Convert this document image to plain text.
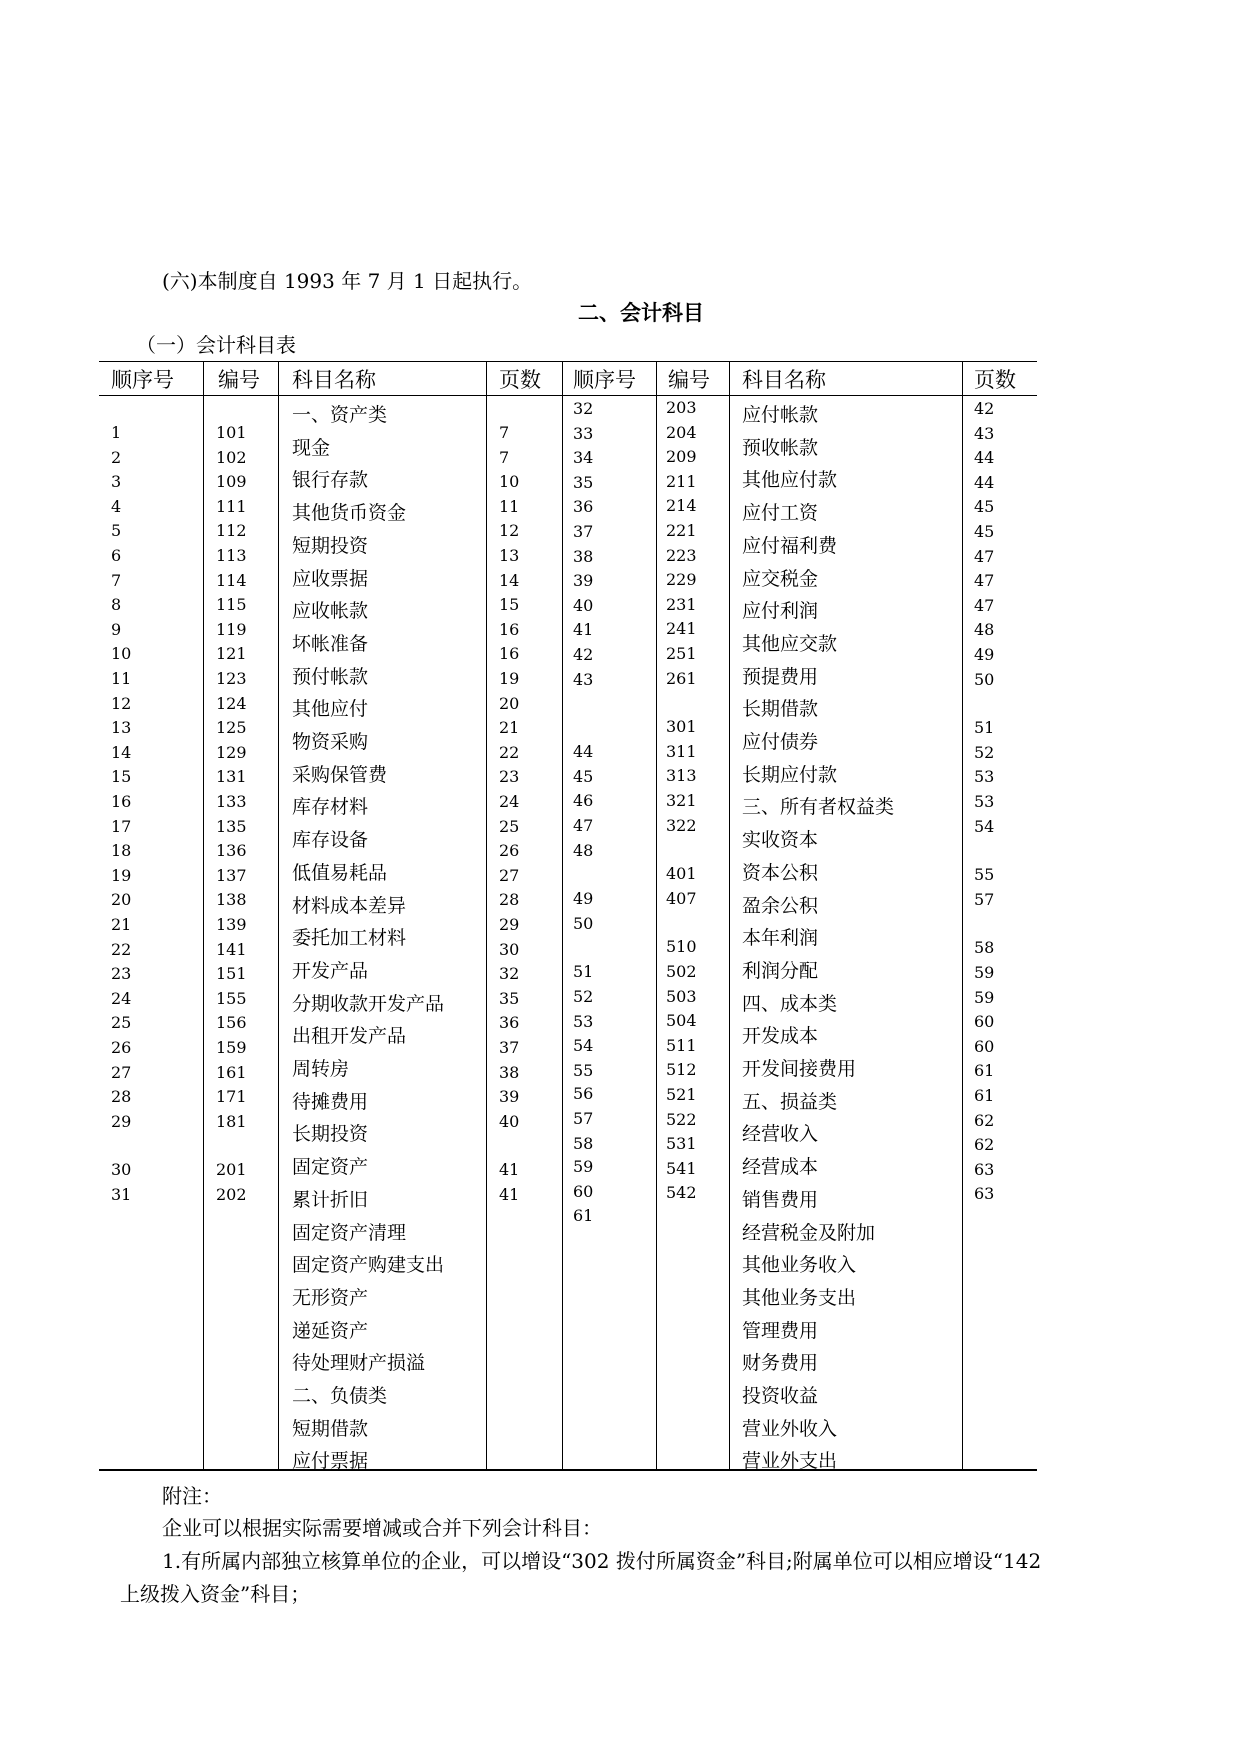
(六)本制度自 1993 年 7 月 1 日起执行。
二、会计科目
（一）会计科目表
顺序号 编号 科目名称	页数 顺序号 编号 科目名称	页数
1
2
3
4
5
6
7
8
9
10
11
12
13
14
15
16
17
18
19
20
21
22
23
24
25
26
27
28
29
30
31
101
102
109
111
112
113
114
115
119
121
123
124
125
129
131
133
135
136
137
138
139
141
151
155
156
159
161
171
181
201
202
一、资产类
现金
银行存款
其他货币资金
短期投资
应收票据
应收帐款
坏帐准备
预付帐款
其他应付
物资采购
采购保管费
库存材料
库存设备
低值易耗品
材料成本差异
委托加工材料
开发产品
分期收款开发产品
出租开发产品
周转房
待摊费用
长期投资
固定资产
累计折旧
固定资产清理
固定资产购建支出
无形资产
递延资产
待处理财产损溢
二、负债类
短期借款
应付票据
7
7
10
11
12
13
14
15
16
16
19
20
21
22
23
24
25
26
27
28
29
30
32
35
36
37
38
39
40
41
41
32
33
34
35
36
37
38
39
40
41
42
43
44
45
46
47
48
49
50
51
52
53
54
55
56
57
58
59
60
61
203
204
209
211
214
221
223
229
231
241
251
261
301
311
313
321
322
401
407
510
502
503
504
511
512
521
522
531
541
542
应付帐款
预收帐款
其他应付款
应付工资
应付福利费
应交税金
应付利润
其他应交款
预提费用
长期借款
应付债券
长期应付款
三、所有者权益类
实收资本
资本公积
盈余公积
本年利润
利润分配
四、成本类
开发成本
开发间接费用
五、损益类
经营收入
经营成本
销售费用
经营税金及附加
其他业务收入
其他业务支出
管理费用
财务费用
投资收益
营业外收入
营业外支出
42
43
44
44
45
45
47
47
47
48
49
50
51
52
53
53
54
55
57
58
59
59
60
60
61
61
62
62
63
63
附注：
企业可以根据实际需要增减或合并下列会计科目：
1.有所属内部独立核算单位的企业，可以增设“302 拨付所属资金”科目;附属单位可以相应增设“142
上级拨入资金”科目；
